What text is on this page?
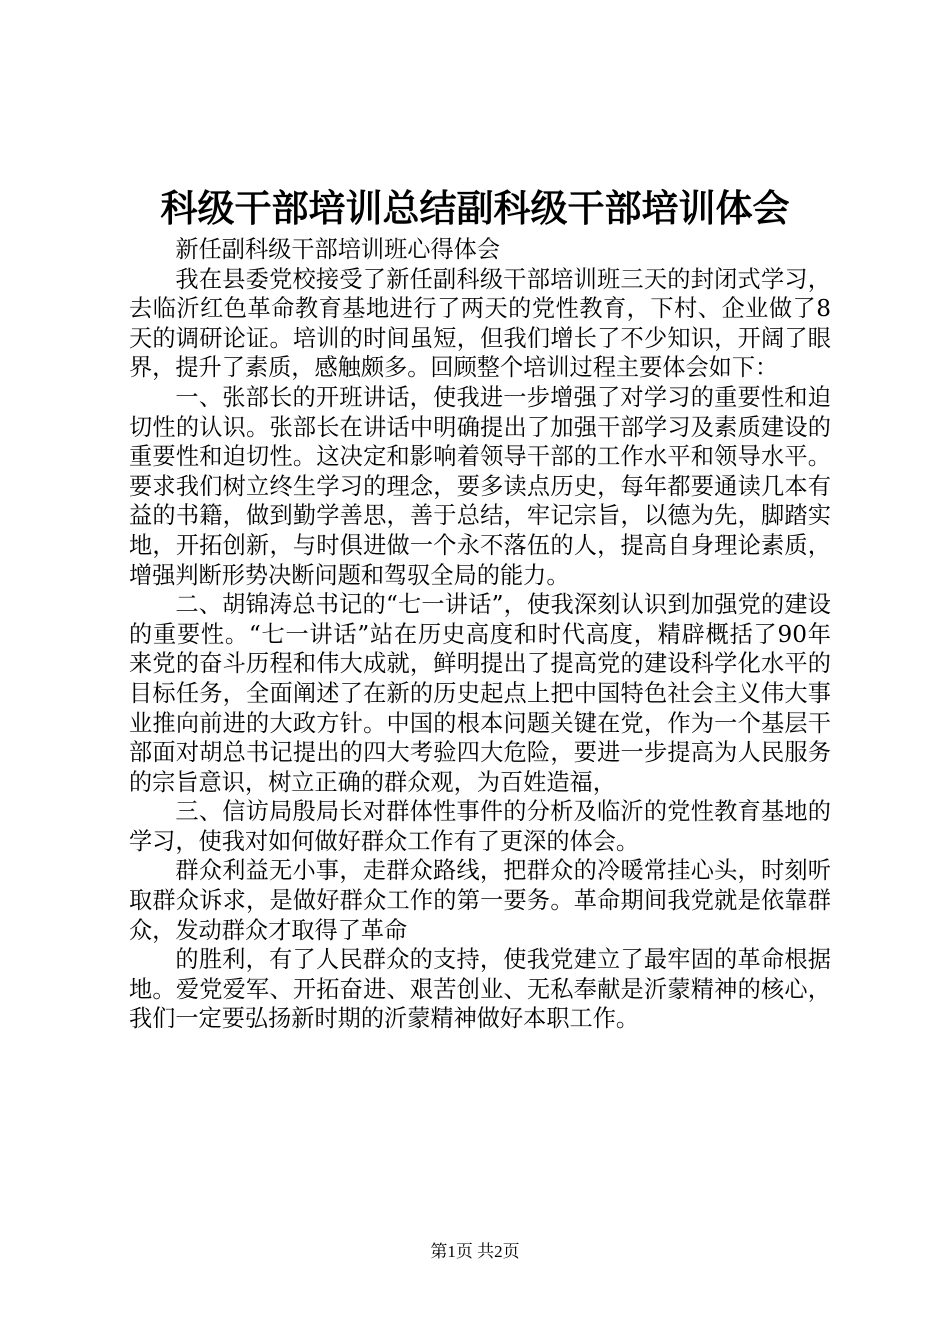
科级干部培训总结副科级干部培训体会

新任副科级干部培训班心得体会

我在县委党校接受了新任副科级干部培训班三天的封闭式学习，去临沂红色革命教育基地进行了两天的党性教育，下村、企业做了8天的调研论证。培训的时间虽短，但我们增长了不少知识，开阔了眼界，提升了素质，感触颇多。回顾整个培训过程主要体会如下：

一、张部长的开班讲话，使我进一步增强了对学习的重要性和迫切性的认识。张部长在讲话中明确提出了加强干部学习及素质建设的重要性和迫切性。这决定和影响着领导干部的工作水平和领导水平。要求我们树立终生学习的理念，要多读点历史，每年都要通读几本有益的书籍，做到勤学善思，善于总结，牢记宗旨，以德为先，脚踏实地，开拓创新，与时俱进做一个永不落伍的人，提高自身理论素质，增强判断形势决断问题和驾驭全局的能力。

二、胡锦涛总书记的“七一讲话”，使我深刻认识到加强党的建设的重要性。“七一讲话”站在历史高度和时代高度，精辟概括了90年来党的奋斗历程和伟大成就，鲜明提出了提高党的建设科学化水平的目标任务，全面阐述了在新的历史起点上把中国特色社会主义伟大事业推向前进的大政方针。中国的根本问题关键在党，作为一个基层干部面对胡总书记提出的四大考验四大危险，要进一步提高为人民服务的宗旨意识，树立正确的群众观，为百姓造福，

三、信访局殷局长对群体性事件的分析及临沂的党性教育基地的学习，使我对如何做好群众工作有了更深的体会。

群众利益无小事，走群众路线，把群众的冷暖常挂心头，时刻听取群众诉求，是做好群众工作的第一要务。革命期间我党就是依靠群众，发动群众才取得了革命

的胜利，有了人民群众的支持，使我党建立了最牢固的革命根据地。爱党爱军、开拓奋进、艰苦创业、无私奉献是沂蒙精神的核心，我们一定要弘扬新时期的沂蒙精神做好本职工作。

第1页 共2页
